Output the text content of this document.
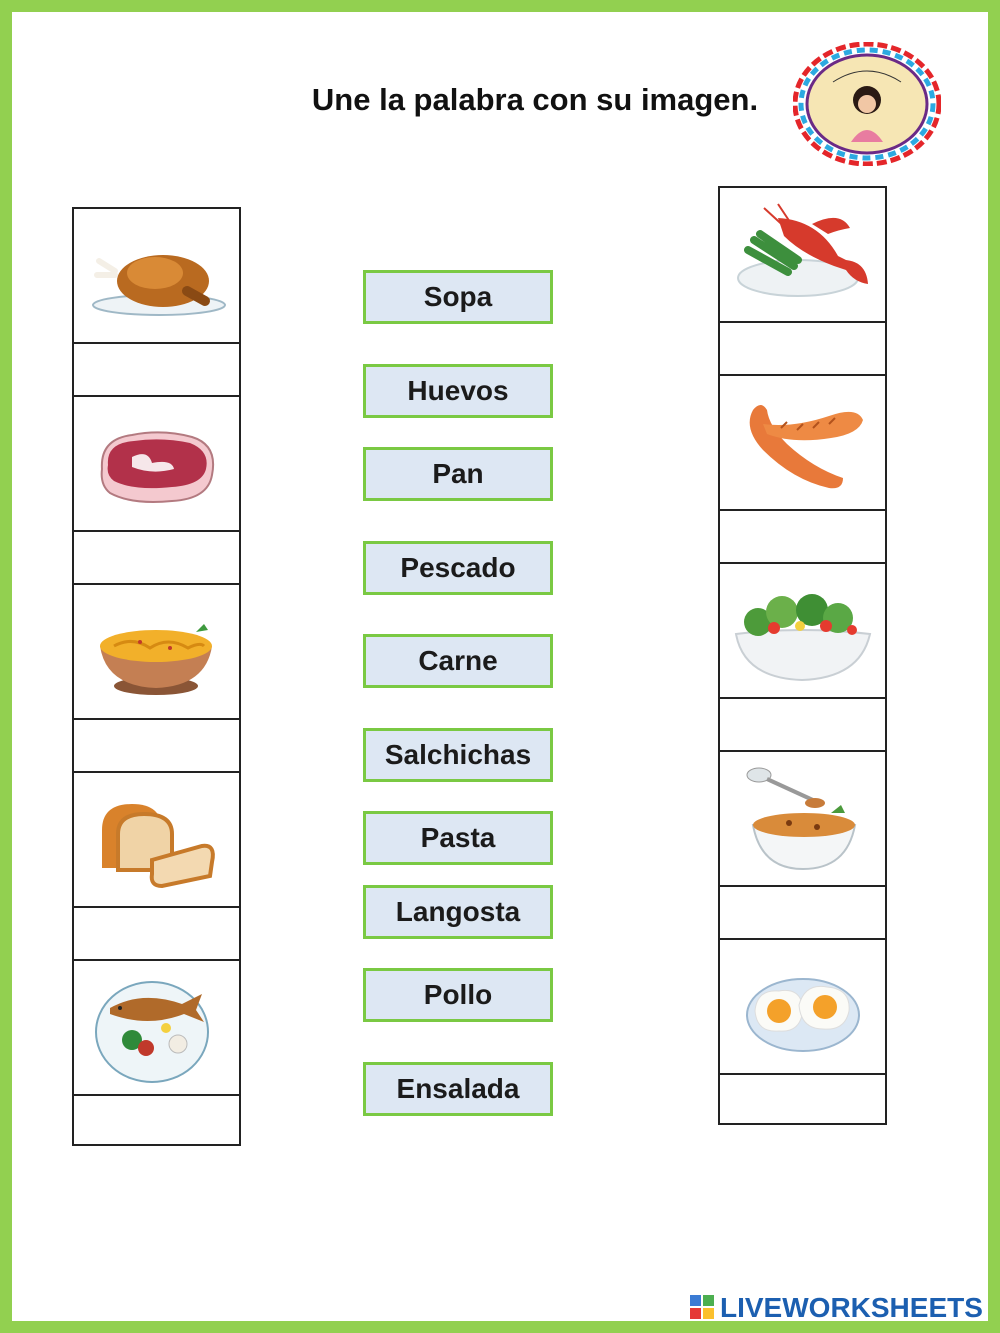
Une la palabra con su imagen.
Sopa
Huevos
Pan
Pescado
Carne
Salchichas
Pasta
Langosta
Pollo
Ensalada
LIVEWORKSHEETS
